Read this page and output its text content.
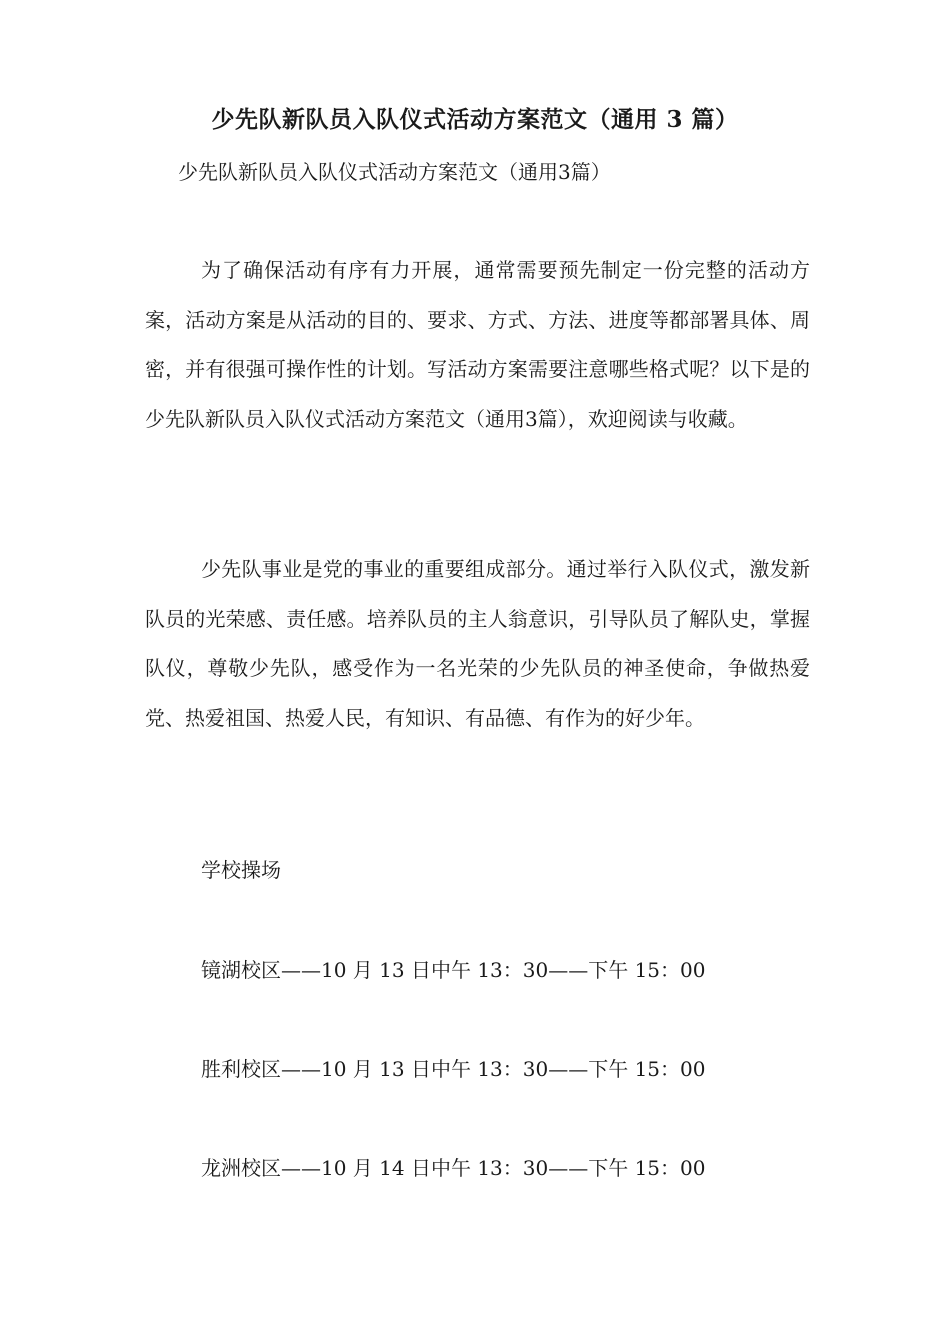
少先队新队员入队仪式活动方案范文（通用 3 篇）

少先队新队员入队仪式活动方案范文（通用3篇）

为了确保活动有序有力开展，通常需要预先制定一份完整的活动方案，活动方案是从活动的目的、要求、方式、方法、进度等都部署具体、周密，并有很强可操作性的计划。写活动方案需要注意哪些格式呢？以下是的少先队新队员入队仪式活动方案范文（通用3篇），欢迎阅读与收藏。

少先队事业是党的事业的重要组成部分。通过举行入队仪式，激发新队员的光荣感、责任感。培养队员的主人翁意识，引导队员了解队史，掌握队仪，尊敬少先队，感受作为一名光荣的少先队员的神圣使命，争做热爱党、热爱祖国、热爱人民，有知识、有品德、有作为的好少年。

学校操场

镜湖校区——10 月 13 日中午 13：30——下午 15：00

胜利校区——10 月 13 日中午 13：30——下午 15：00

龙洲校区——10 月 14 日中午 13：30——下午 15：00
